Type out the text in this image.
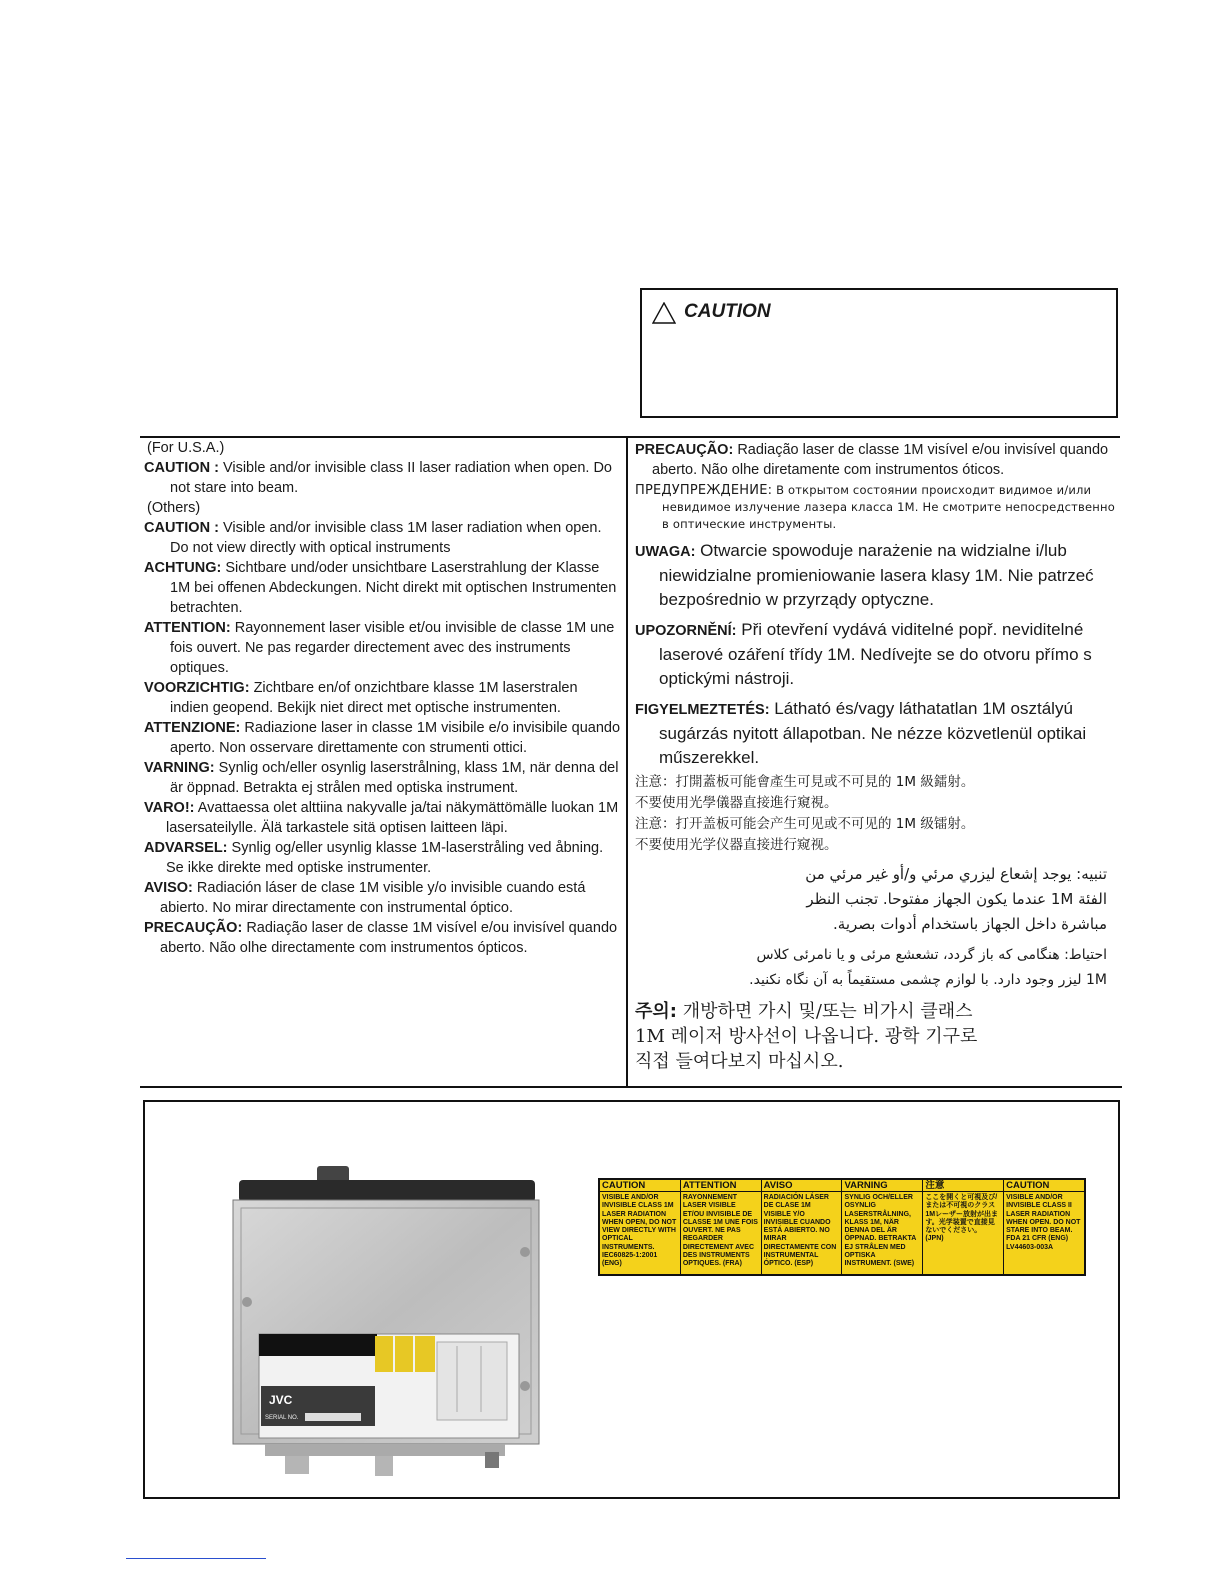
CAUTION
(For U.S.A.)

CAUTION : Visible and/or invisible class II laser radiation when open. Do not stare into beam.

(Others)

CAUTION : Visible and/or invisible class 1M laser radiation when open. Do not view directly with optical instruments

ACHTUNG: Sichtbare und/oder unsichtbare Laserstrahlung der Klasse 1M bei offenen Abdeckungen. Nicht direkt mit optischen Instrumenten betrachten.

ATTENTION: Rayonnement laser visible et/ou invisible de classe 1M une fois ouvert. Ne pas regarder directement avec des instruments optiques.

VOORZICHTIG: Zichtbare en/of onzichtbare klasse 1M laserstralen indien geopend. Bekijk niet direct met optische instrumenten.

ATTENZIONE: Radiazione laser in classe 1M visibile e/o invisibile quando aperto. Non osservare direttamente con strumenti ottici.

VARNING: Synlig och/eller osynlig laserstrålning, klass 1M, när denna del är öppnad. Betrakta ej strålen med optiska instrument.

VARO!: Avattaessa olet alttiina nakyvalle ja/tai näkymättömälle luokan 1M lasersateilylle. Älä tarkastele sitä optisen laitteen läpi.

ADVARSEL: Synlig og/eller usynlig klasse 1M-laserstråling ved åbning. Se ikke direkte med optiske instrumenter.

AVISO: Radiación láser de clase 1M visible y/o invisible cuando está abierto. No mirar directamente con instrumental óptico.

PRECAUÇÃO: Radiação laser de classe 1M visível e/ou invisível quando aberto. Não olhe directamente com instrumentos ópticos.

PRECAUÇÃO: Radiação laser de classe 1M visível e/ou invisível quando aberto. Não olhe diretamente com instrumentos óticos.

ПРЕДУПРЕЖДЕНИЕ: В открытом состоянии происходит видимое и/или невидимое излучение лазера класса 1M. Не смотрите непосредственно в оптические инструменты.

UWAGA: Otwarcie spowoduje narażenie na widzialne i/lub niewidzialne promieniowanie lasera klasy 1M. Nie patrzeć bezpośrednio w przyrządy optyczne.

UPOZORNĚNÍ: Při otevření vydává viditelné popř. neviditelné laserové ozáření třídy 1M. Nedívejte se do otvoru přímo s optickými nástroji.

FIGYELMEZTETÉS: Látható és/vagy láthatatlan 1M osztályú sugárzás nyitott állapotban. Ne nézze közvetlenül optikai műszerekkel.

注意：打開蓋板可能會產生可見或不可見的 1M 級鐳射。
不要使用光學儀器直接進行窺視。
注意：打开盖板可能会产生可见或不可见的 1M 级镭射。
不要使用光学仪器直接进行窥视。
تنبيه: يوجد إشعاع ليزري مرئي و/أو غير مرئي من
الفئة 1M عندما يكون الجهاز مفتوحا. تجنب النظر
مباشرة داخل الجهاز باستخدام أدوات بصرية.
احتیاط: هنگامی که باز گردد، تشعشع مرئی و یا نامرئی کلاس
1M لیزر وجود دارد. با لوازم چشمی مستقیماً به آن نگاه نکنید.
주의: 개방하면 가시 및/또는 비가시 클래스
1M 레이저 방사선이 나옵니다. 광학 기구로
직접 들여다보지 마십시오.
JVC
SERIAL NO.
CAUTION
VISIBLE AND/OR INVISIBLE CLASS 1M LASER RADIATION WHEN OPEN, DO NOT VIEW DIRECTLY WITH OPTICAL INSTRUMENTS. IEC60825-1:2001 (ENG)
ATTENTION
RAYONNEMENT LASER VISIBLE ET/OU INVISIBLE DE CLASSE 1M UNE FOIS OUVERT. NE PAS REGARDER DIRECTEMENT AVEC DES INSTRUMENTS OPTIQUES. (FRA)
AVISO
RADIACIÓN LÁSER DE CLASE 1M VISIBLE Y/O INVISIBLE CUANDO ESTÁ ABIERTO. NO MIRAR DIRECTAMENTE CON INSTRUMENTAL ÓPTICO. (ESP)
VARNING
SYNLIG OCH/ELLER OSYNLIG LASERSTRÅLNING, KLASS 1M, NÄR DENNA DEL ÄR ÖPPNAD. BETRAKTA EJ STRÅLEN MED OPTISKA INSTRUMENT. (SWE)
注意
ここを開くと可視及び/または不可視のクラス1Mレーザー放射が出ます。光学装置で直接見ないでください。 (JPN)
CAUTION
VISIBLE AND/OR INVISIBLE CLASS II LASER RADIATION WHEN OPEN. DO NOT STARE INTO BEAM. FDA 21 CFR (ENG) LV44603-003A
